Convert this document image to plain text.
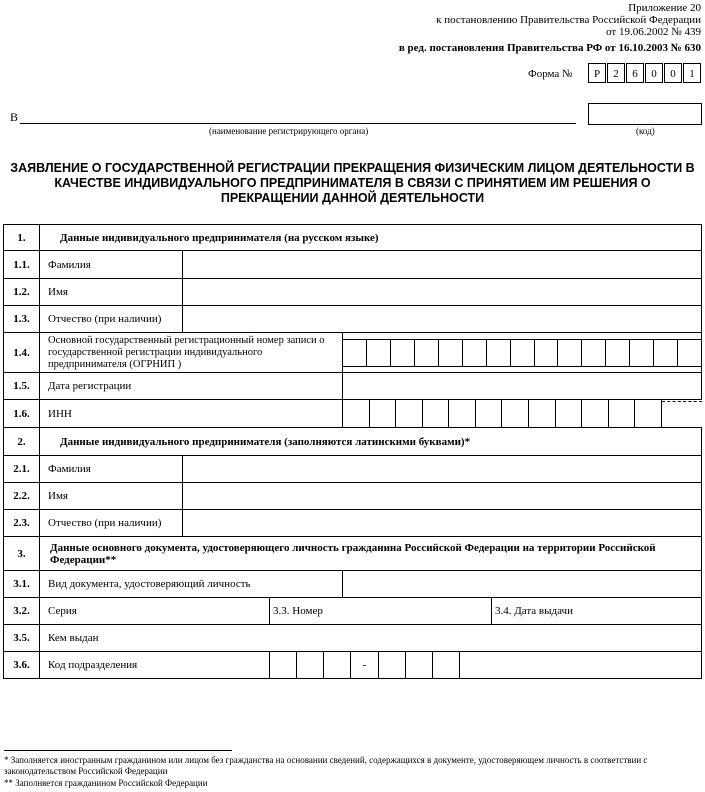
Приложение 20
к постановлению Правительства Российской Федерации
от 19.06.2002 № 439
в ред. постановления Правительства РФ от 16.10.2003 № 630
Форма №	Р	2	6	0	0	1
В
(наименование регистрирующего органа)	(код)
ЗАЯВЛЕНИЕ О ГОСУДАРСТВЕННОЙ РЕГИСТРАЦИИ ПРЕКРАЩЕНИЯ ФИЗИЧЕСКИМ ЛИЦОМ ДЕЯТЕЛЬНОСТИ В КАЧЕСТВЕ ИНДИВИДУАЛЬНОГО ПРЕДПРИНИМАТЕЛЯ В СВЯЗИ С ПРИНЯТИЕМ ИМ РЕШЕНИЯ О ПРЕКРАЩЕНИИ ДАННОЙ ДЕЯТЕЛЬНОСТИ
1.	Данные индивидуального предпринимателя (на русском языке)		
1.1.	Фамилия		
1.2.	Имя		
1.3.	Отчество (при наличии)		
1.4.	Основной государственный регистрационный номер записи о государственной регистрации индивидуального предпринимателя (ОГРНИП )		

1.5.	Дата регистрации		
1.6.	ИНН		

2.	Данные индивидуального предпринимателя (заполняются латинскими буквами)*		
2.1.	Фамилия		
2.2.	Имя		
2.3.	Отчество (при наличии)		
3.	Данные основного документа, удостоверяющего личность гражданина Российской Федерации на территории Российской Федерации**		
3.1.	Вид документа, удостоверяющий личность		
3.2.	Серия 3.3. Номер 3.4. Дата выдачи		

3.5.	Кем выдан		
3.6.	Код подразделения -		
* Заполняется иностранным гражданином или лицом без гражданства на основании сведений, содержащихся в документе, удостоверяющем личность в соответствии с законодательством Российской Федерации
** Заполняется гражданином Российской Федерации
